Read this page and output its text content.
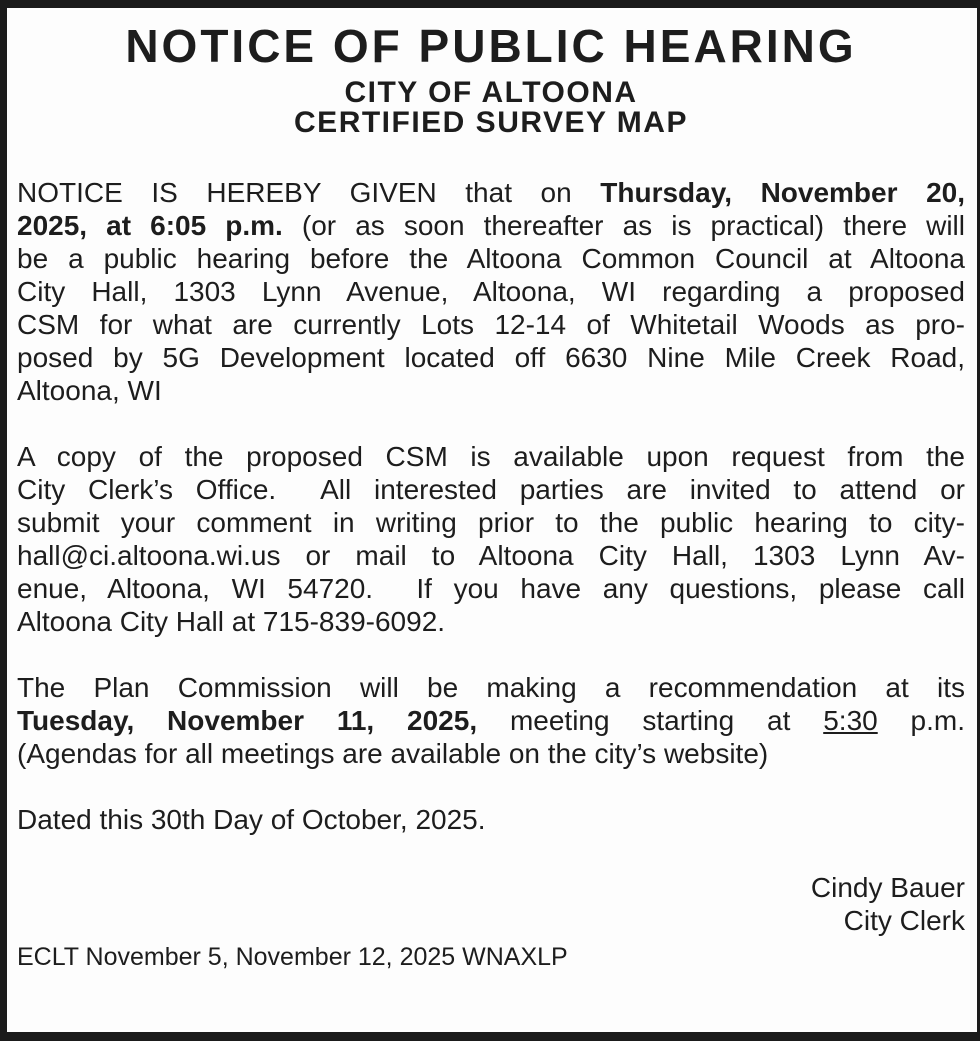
NOTICE OF PUBLIC HEARING
CITY OF ALTOONA
CERTIFIED SURVEY MAP
NOTICE IS HEREBY GIVEN that on Thursday, November 20,
2025, at 6:05 p.m. (or as soon thereafter as is practical) there will
be a public hearing before the Altoona Common Council at Altoona
City Hall, 1303 Lynn Avenue, Altoona, WI regarding a proposed
CSM for what are currently Lots 12-14 of Whitetail Woods as pro-
posed by 5G Development located off 6630 Nine Mile Creek Road,
Altoona, WI
A copy of the proposed CSM is available upon request from the
City Clerk’s Office.  All interested parties are invited to attend or
submit your comment in writing prior to the public hearing to city-
hall@ci.altoona.wi.us or mail to Altoona City Hall, 1303 Lynn Av-
enue, Altoona, WI 54720.  If you have any questions, please call
Altoona City Hall at 715-839-6092.
The Plan Commission will be making a recommendation at its
Tuesday, November 11, 2025, meeting starting at 5:30 p.m.
(Agendas for all meetings are available on the city’s website)
Dated this 30th Day of October, 2025.
Cindy Bauer
City Clerk
ECLT November 5, November 12, 2025 WNAXLP
